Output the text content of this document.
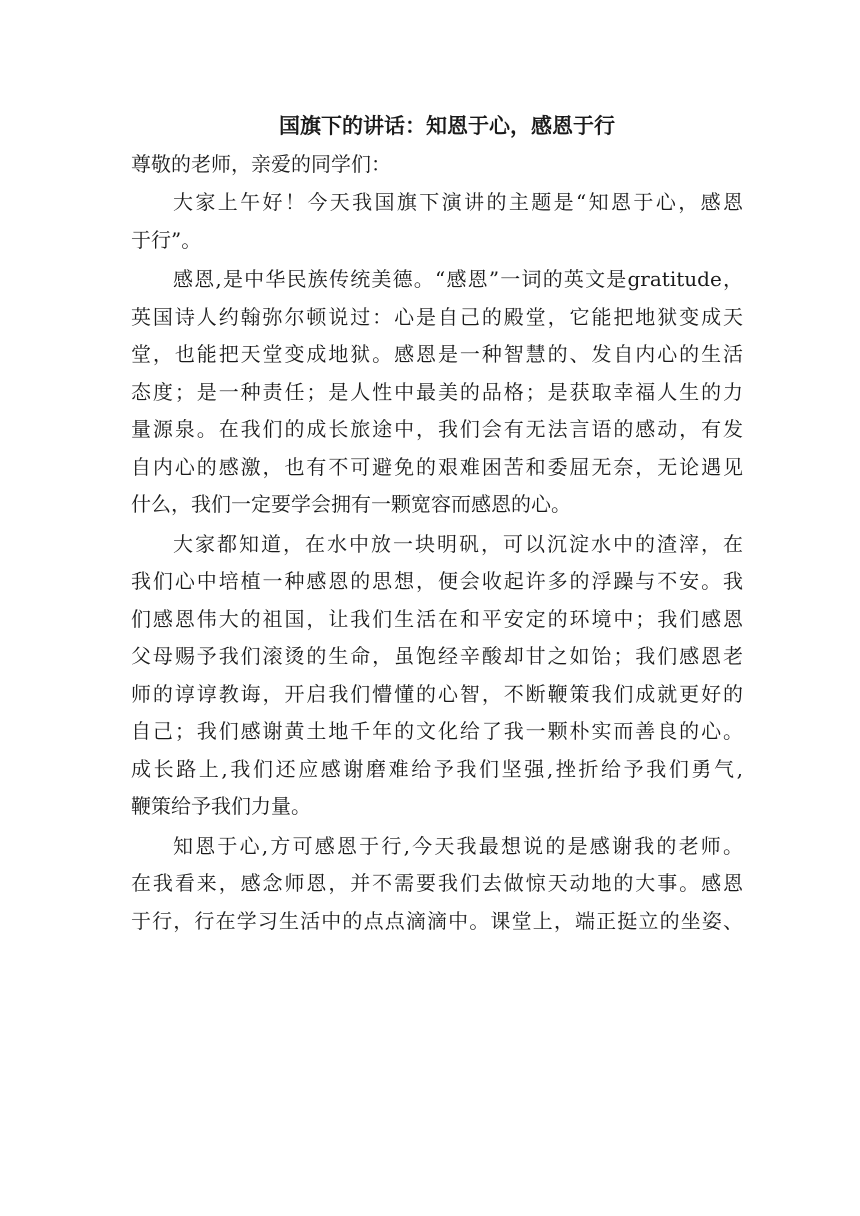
国旗下的讲话：知恩于心，感恩于行
尊敬的老师，亲爱的同学们：
大家上午好！今天我国旗下演讲的主题是“知恩于心，感恩
于行”。
感恩,是中华民族传统美德。“感恩”一词的英文是gratitude，
英国诗人约翰弥尔顿说过：心是自己的殿堂，它能把地狱变成天
堂，也能把天堂变成地狱。感恩是一种智慧的、发自内心的生活
态度；是一种责任；是人性中最美的品格；是获取幸福人生的力
量源泉。在我们的成长旅途中，我们会有无法言语的感动，有发
自内心的感激，也有不可避免的艰难困苦和委屈无奈，无论遇见
什么，我们一定要学会拥有一颗宽容而感恩的心。
大家都知道，在水中放一块明矾，可以沉淀水中的渣滓，在
我们心中培植一种感恩的思想，便会收起许多的浮躁与不安。我
们感恩伟大的祖国，让我们生活在和平安定的环境中；我们感恩
父母赐予我们滚烫的生命，虽饱经辛酸却甘之如饴；我们感恩老
师的谆谆教诲，开启我们懵懂的心智，不断鞭策我们成就更好的
自己；我们感谢黄土地千年的文化给了我一颗朴实而善良的心。
成长路上,我们还应感谢磨难给予我们坚强,挫折给予我们勇气,
鞭策给予我们力量。
知恩于心,方可感恩于行,今天我最想说的是感谢我的老师。
在我看来，感念师恩，并不需要我们去做惊天动地的大事。感恩
于行，行在学习生活中的点点滴滴中。课堂上，端正挺立的坐姿、
